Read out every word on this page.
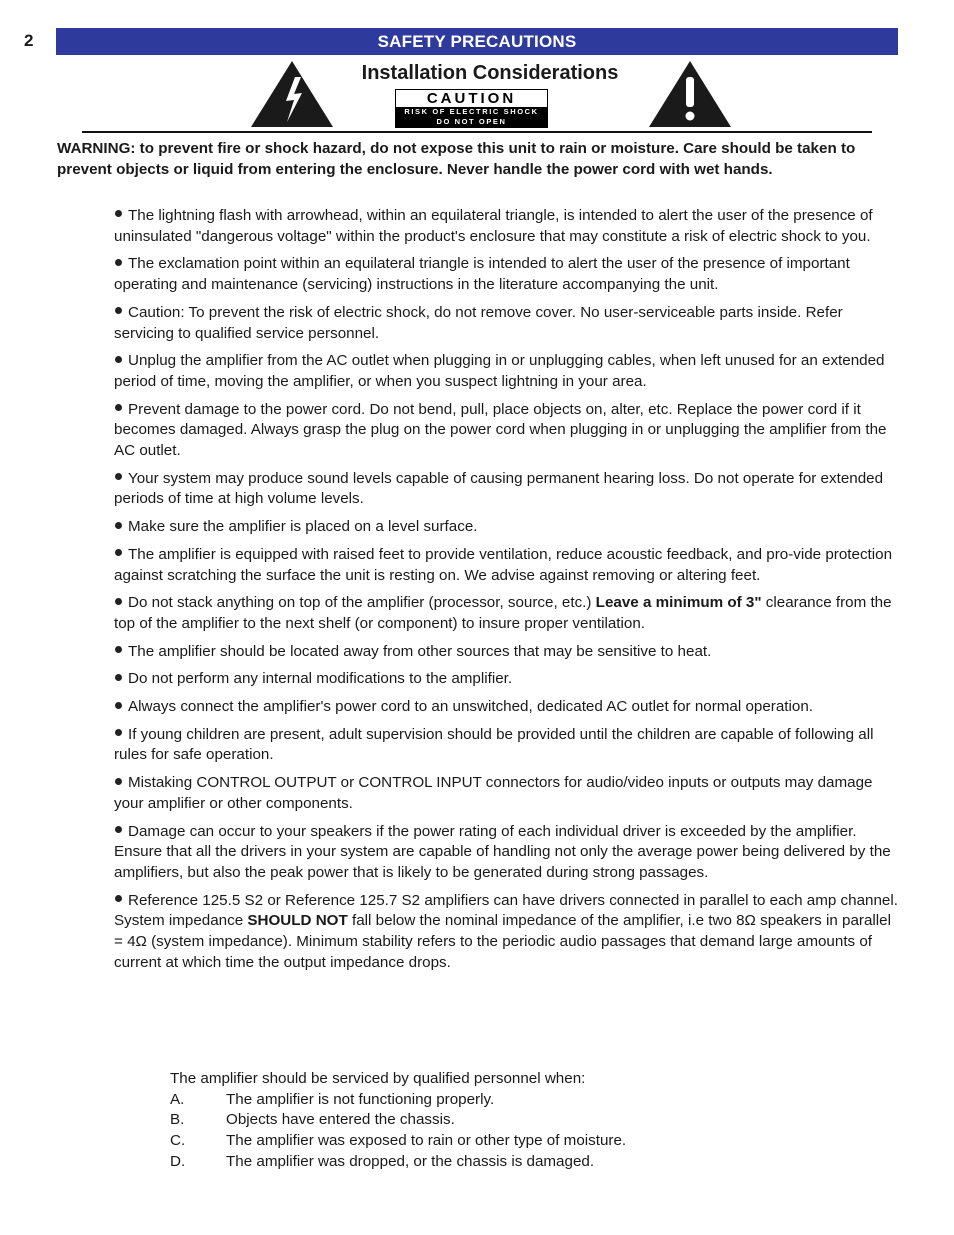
2	SAFETY PRECAUTIONS
Installation Considerations
CAUTION
RISK OF ELECTRIC SHOCK
DO NOT OPEN
WARNING: to prevent fire or shock hazard, do not expose this unit to rain or moisture. Care should be taken to prevent objects or liquid from entering the enclosure. Never handle the power cord with wet hands.
The lightning flash with arrowhead, within an equilateral triangle, is intended to alert the user of the presence of uninsulated "dangerous voltage" within the product's enclosure that may constitute a risk of electric shock to you.
The exclamation point within an equilateral triangle is intended to alert the user of the presence of important operating and maintenance (servicing) instructions in the literature accompanying the unit.
Caution: To prevent the risk of electric shock, do not remove cover. No user-serviceable parts inside. Refer servicing to qualified service personnel.
Unplug the amplifier from the AC outlet when plugging in or unplugging cables, when left unused for an extended period of time, moving the amplifier, or when you suspect lightning in your area.
Prevent damage to the power cord. Do not bend, pull, place objects on, alter, etc. Replace the power cord if it becomes damaged. Always grasp the plug on the power cord when plugging in or unplugging the amplifier from the AC outlet.
Your system may produce sound levels capable of causing permanent hearing loss. Do not operate for extended periods of time at high volume levels.
Make sure the amplifier is placed on a level surface.
The amplifier is equipped with raised feet to provide ventilation, reduce acoustic feedback, and pro-vide protection against scratching the surface the unit is resting on. We advise against removing or altering feet.
Do not stack anything on top of the amplifier (processor, source, etc.) Leave a minimum of 3" clearance from the top of the amplifier to the next shelf (or component) to insure proper ventilation.
The amplifier should be located away from other sources that may be sensitive to heat.
Do not perform any internal modifications to the amplifier.
Always connect the amplifier's power cord to an unswitched, dedicated AC outlet for normal operation.
If young children are present, adult supervision should be provided until the children are capable of following all rules for safe operation.
Mistaking CONTROL OUTPUT or CONTROL INPUT connectors for audio/video inputs or outputs may damage your amplifier or other components.
Damage can occur to your speakers if the power rating of each individual driver is exceeded by the amplifier. Ensure that all the drivers in your system are capable of handling not only the average power being delivered by the amplifiers, but also the peak power that is likely to be generated during strong passages.
Reference 125.5 S2 or Reference 125.7 S2 amplifiers can have drivers connected in parallel to each amp channel. System impedance SHOULD NOT fall below the nominal impedance of the amplifier, i.e two 8Ω speakers in parallel = 4Ω (system impedance). Minimum stability refers to the periodic audio passages that demand large amounts of current at which time the output impedance drops.
The amplifier should be serviced by qualified personnel when:
A.	The amplifier is not functioning properly.
B.	Objects have entered the chassis.
C.	The amplifier was exposed to rain or other type of moisture.
D.	The amplifier was dropped, or the chassis is damaged.
